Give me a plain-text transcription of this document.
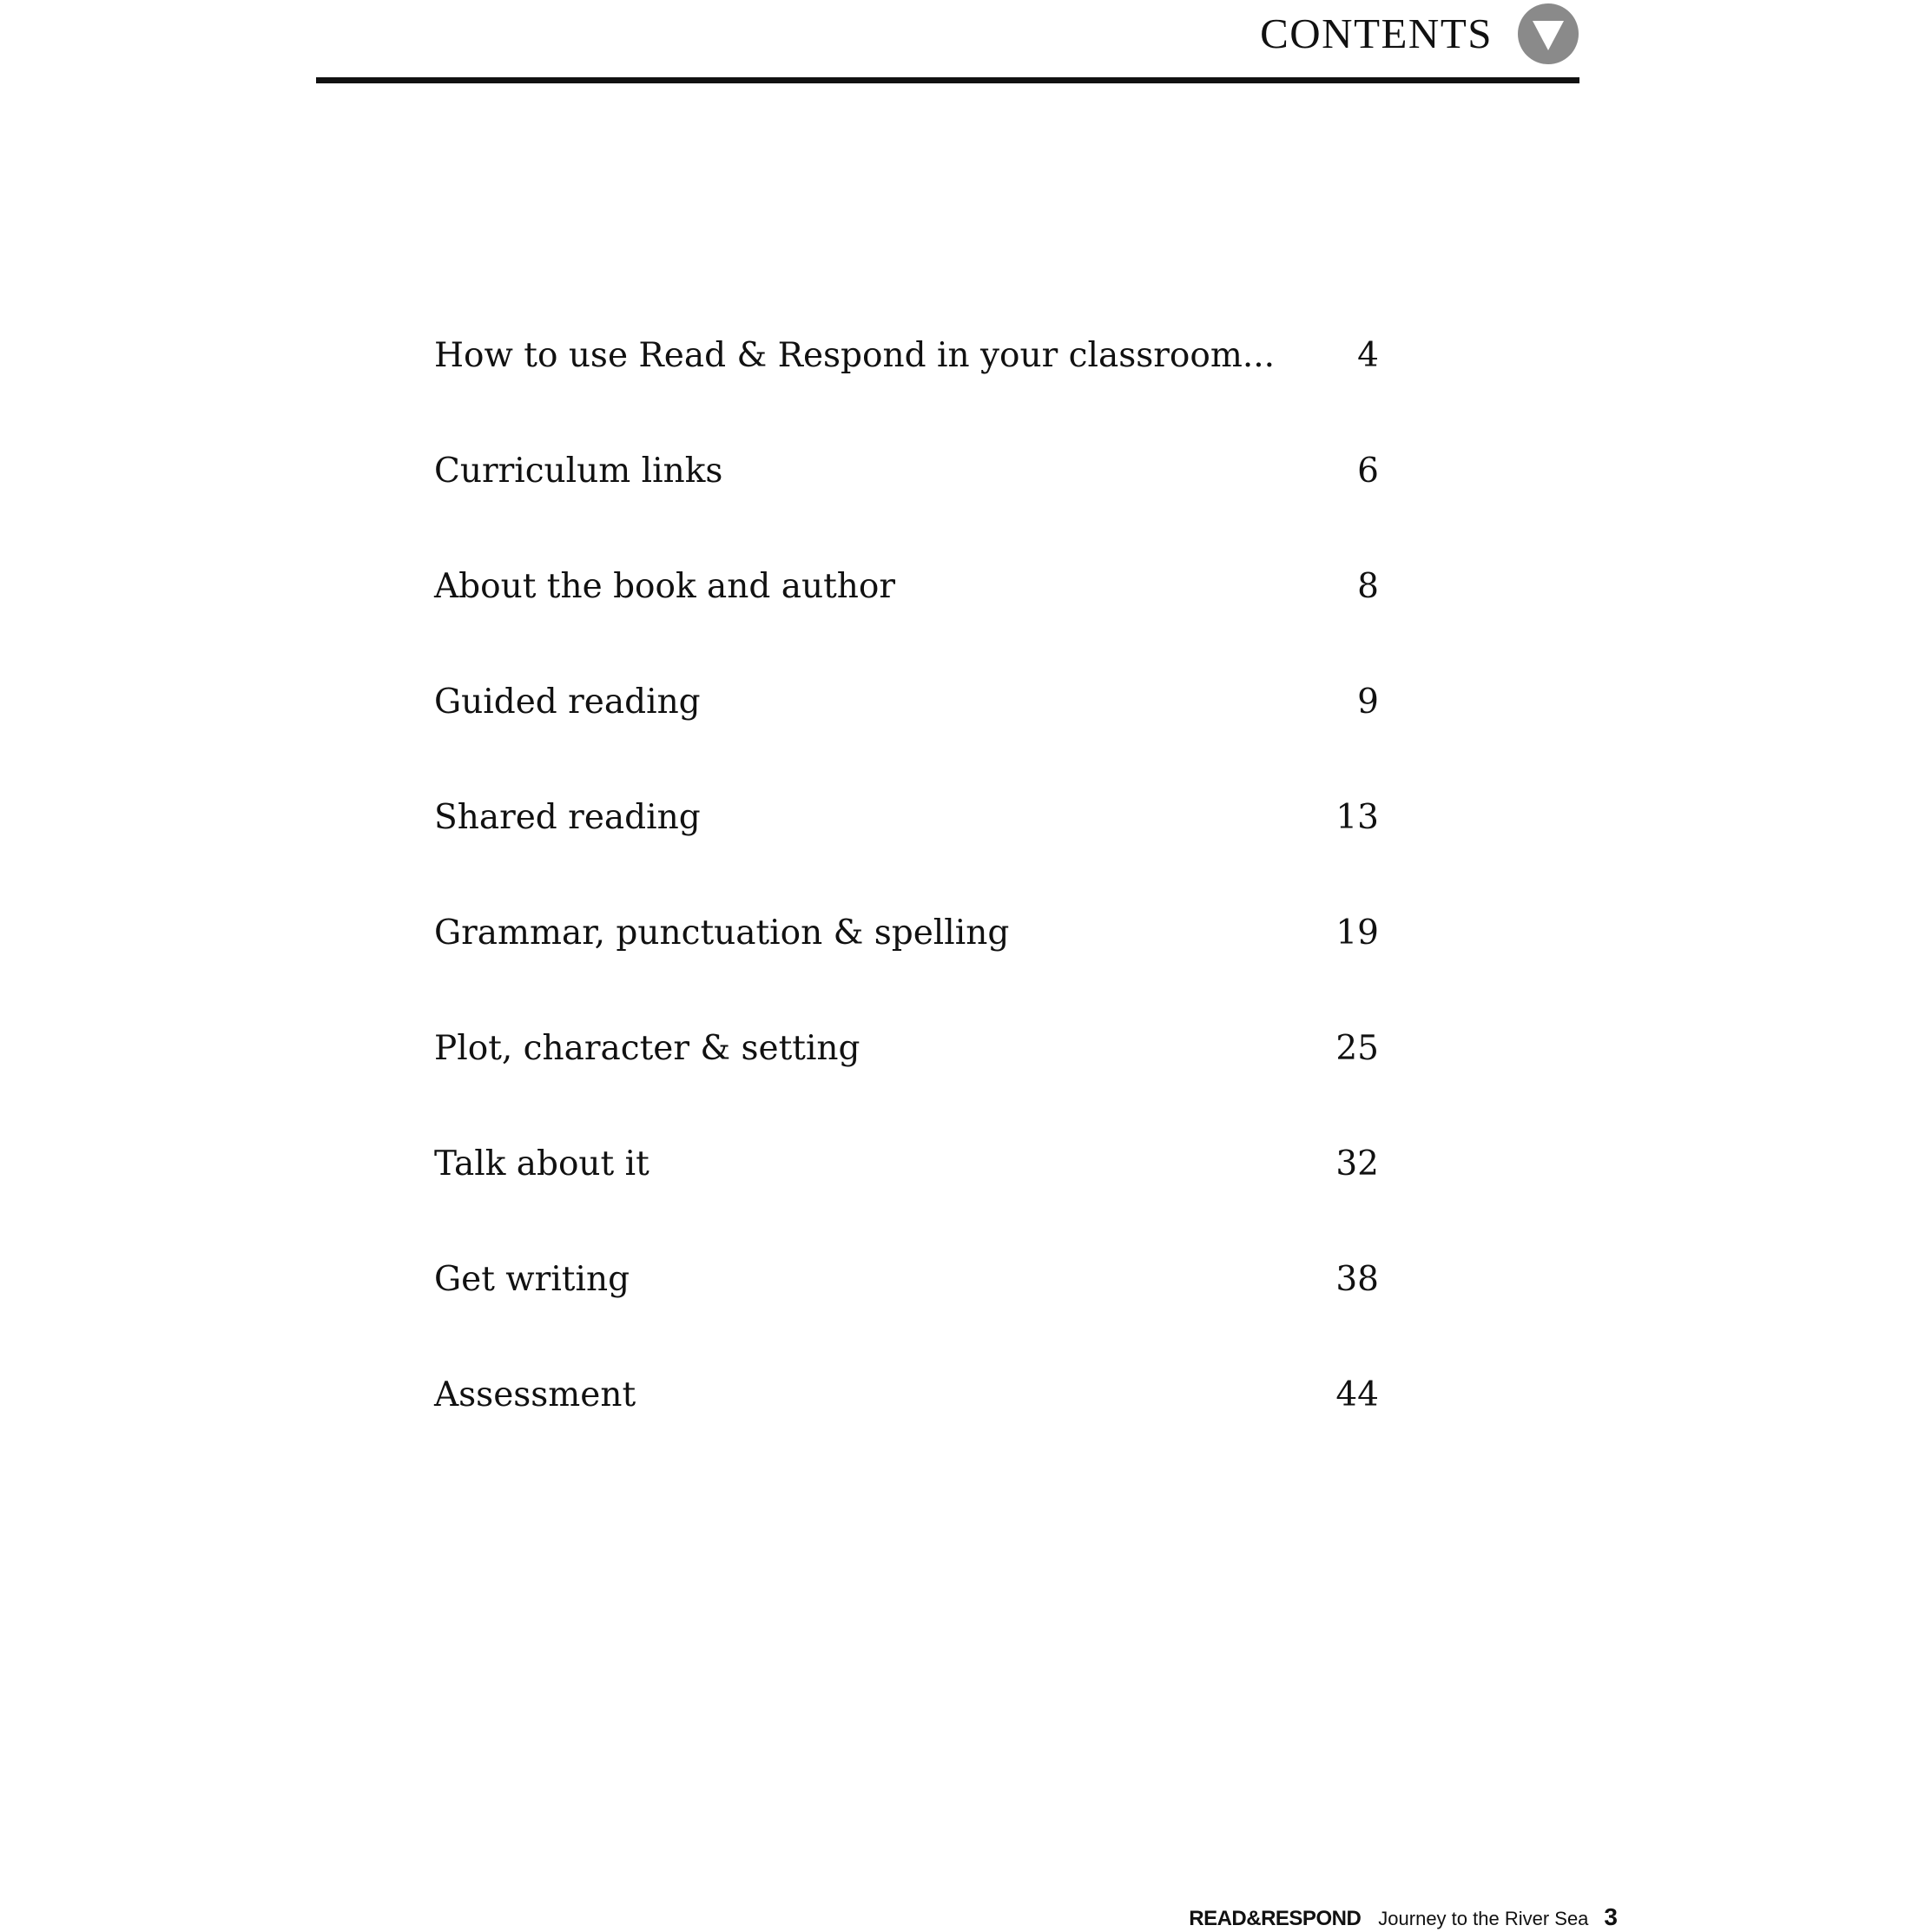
CONTENTS
How to use Read & Respond in your classroom... 4
Curriculum links	6
About the book and author	8
Guided reading	9
Shared reading	13
Grammar, punctuation & spelling	19
Plot, character & setting	25
Talk about it	32
Get writing	38
Assessment	44
READ&RESPOND Journey to the River Sea 3
